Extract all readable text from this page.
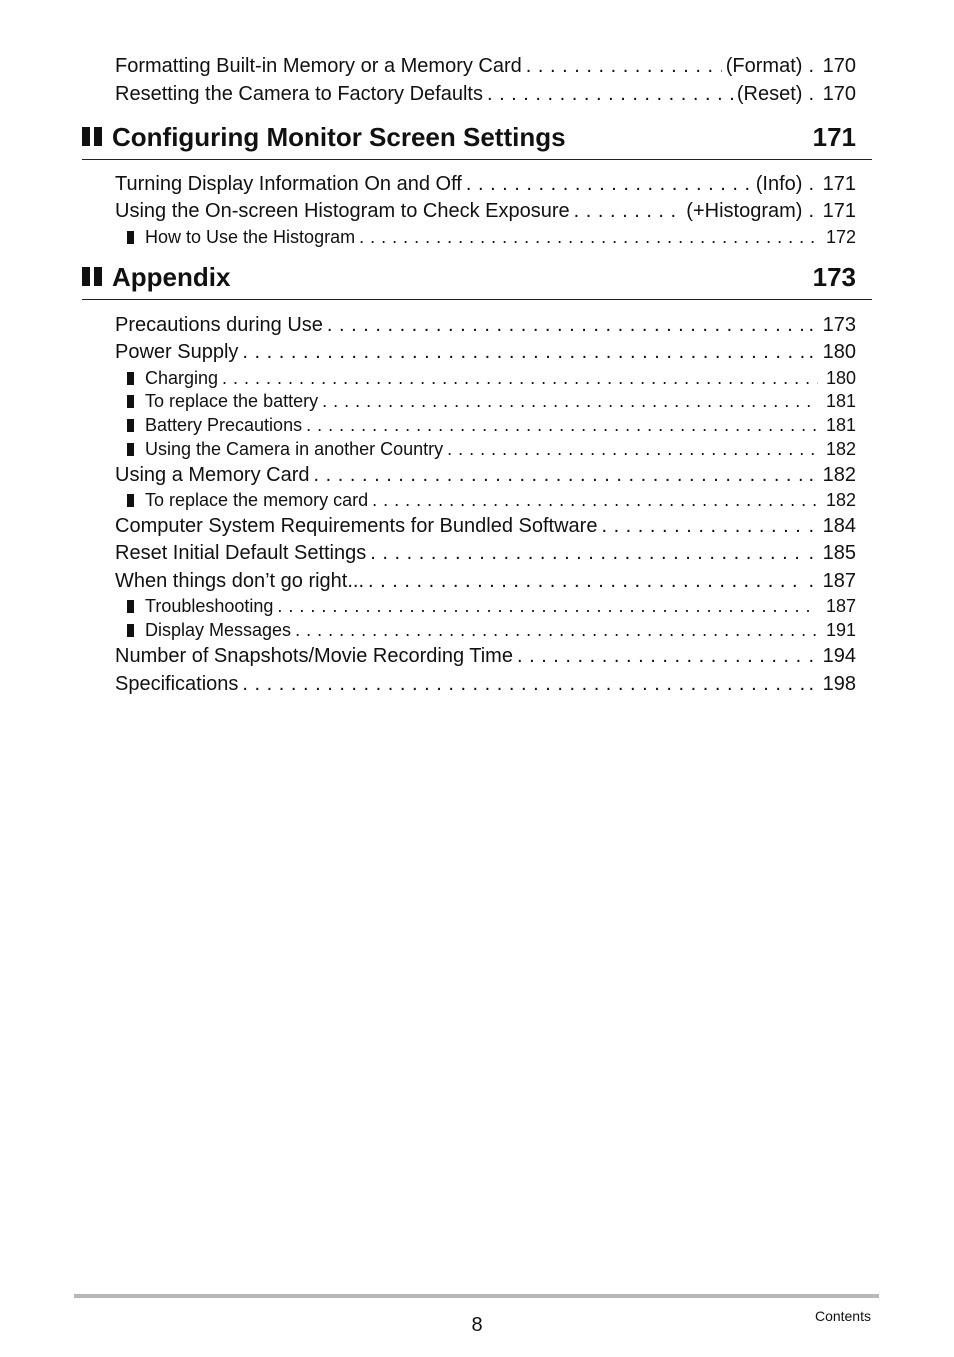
Formatting Built-in Memory or a Memory Card . . .	(Format) . 170
Resetting the Camera to Factory Defaults . . .	(Reset) . 170
Configuring Monitor Screen Settings	171
Turning Display Information On and Off . . .	(Info) . 171
Using the On-screen Histogram to Check Exposure . . .	(+Histogram) . 171
How to Use the Histogram . . .	172
Appendix	173
Precautions during Use . . .	. 173
Power Supply . . .	. 180
Charging . . .	180
To replace the battery . . .	181
Battery Precautions . . .	181
Using the Camera in another Country . . .	182
Using a Memory Card . . .	. 182
To replace the memory card . . .	182
Computer System Requirements for Bundled Software . . .	. 184
Reset Initial Default Settings . . .	. 185
When things don’t go right... . . .	. 187
Troubleshooting . . .	187
Display Messages . . .	191
Number of Snapshots/Movie Recording Time . . .	. 194
Specifications . . .	. 198
8	Contents
